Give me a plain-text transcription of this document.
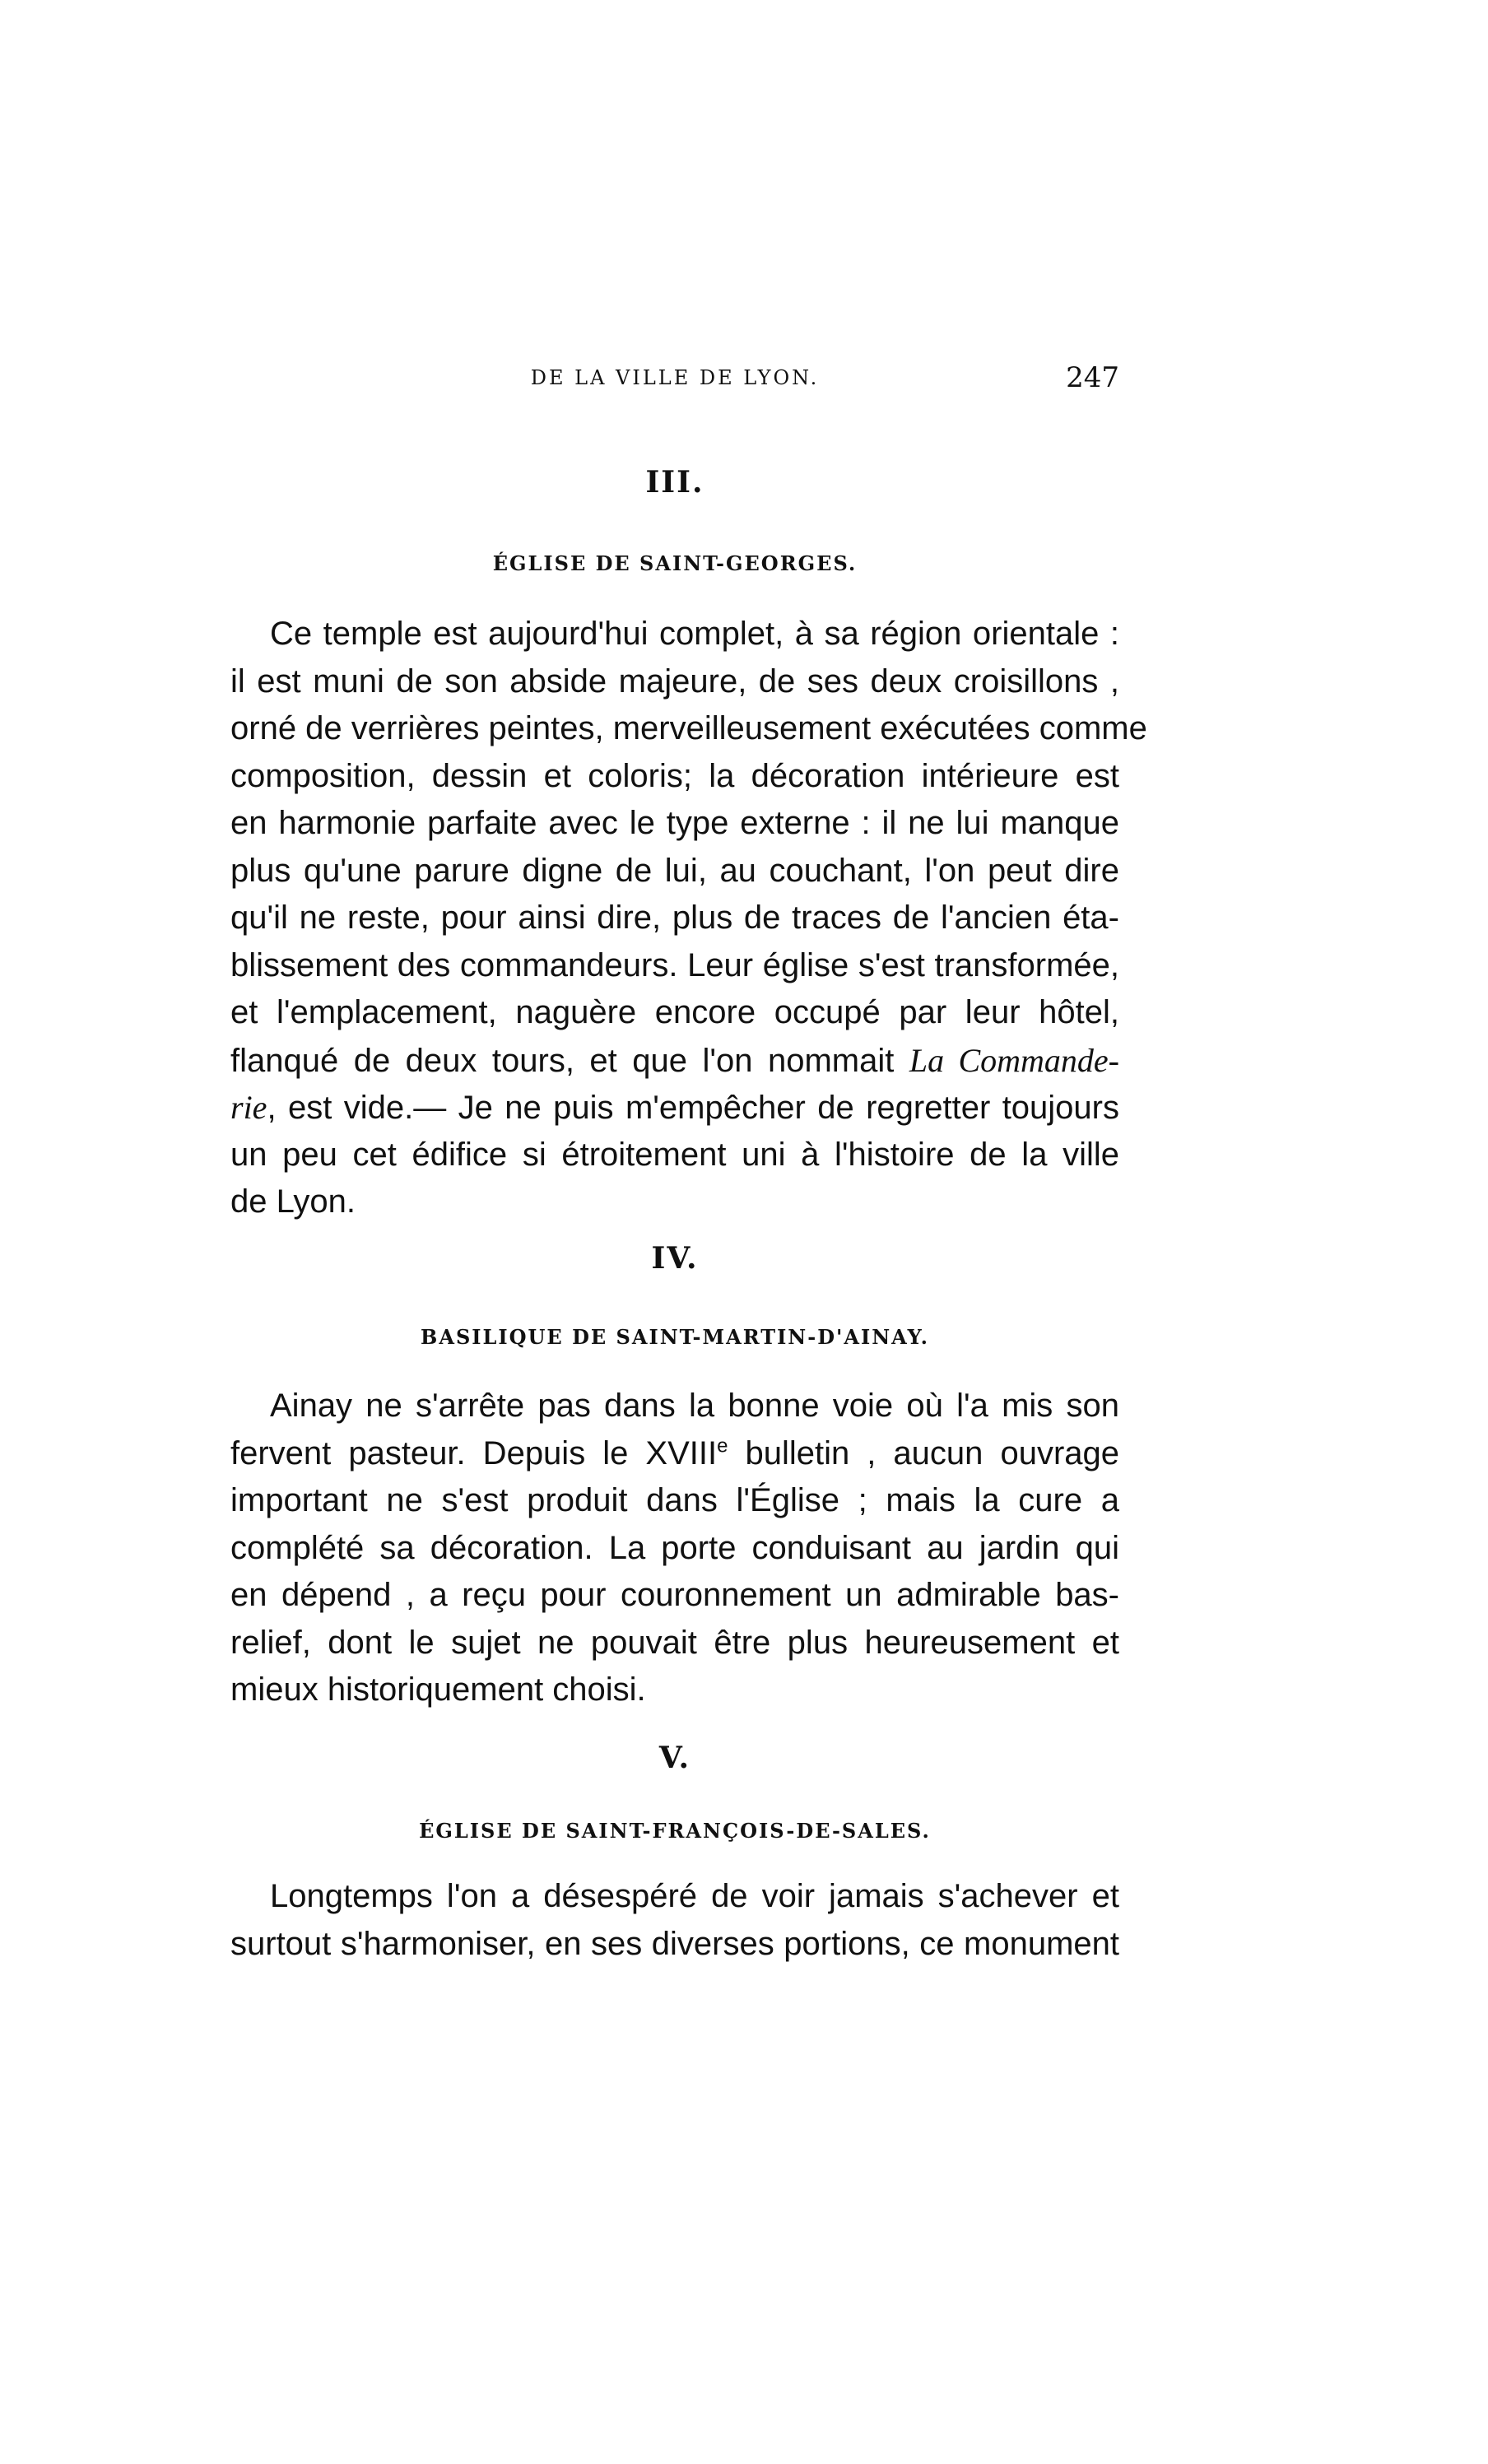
DE LA VILLE DE LYON.	247
III.
ÉGLISE DE SAINT-GEORGES.
Ce temple est aujourd'hui complet, à sa région orientale :
il est muni de son abside majeure, de ses deux croisillons ,
orné de verrières peintes, merveilleusement exécutées comme
composition, dessin et coloris; la décoration intérieure est
en harmonie parfaite avec le type externe : il ne lui manque
plus qu'une parure digne de lui, au couchant, l'on peut dire
qu'il ne reste, pour ainsi dire, plus de traces de l'ancien éta-
blissement des commandeurs. Leur église s'est transformée,
et l'emplacement, naguère encore occupé par leur hôtel,
flanqué de deux tours, et que l'on nommait La Commande-
rie, est vide.— Je ne puis m'empêcher de regretter toujours
un peu cet édifice si étroitement uni à l'histoire de la ville
de Lyon.
IV.
BASILIQUE DE SAINT-MARTIN-D'AINAY.
Ainay ne s'arrête pas dans la bonne voie où l'a mis son
fervent pasteur. Depuis le XVIIIe bulletin , aucun ouvrage
important ne s'est produit dans l'Église ; mais la cure a
complété sa décoration. La porte conduisant au jardin qui
en dépend , a reçu pour couronnement un admirable bas-
relief, dont le sujet ne pouvait être plus heureusement et
mieux historiquement choisi.
V.
ÉGLISE DE SAINT-FRANÇOIS-DE-SALES.
Longtemps l'on a désespéré de voir jamais s'achever et
surtout s'harmoniser, en ses diverses portions, ce monument
